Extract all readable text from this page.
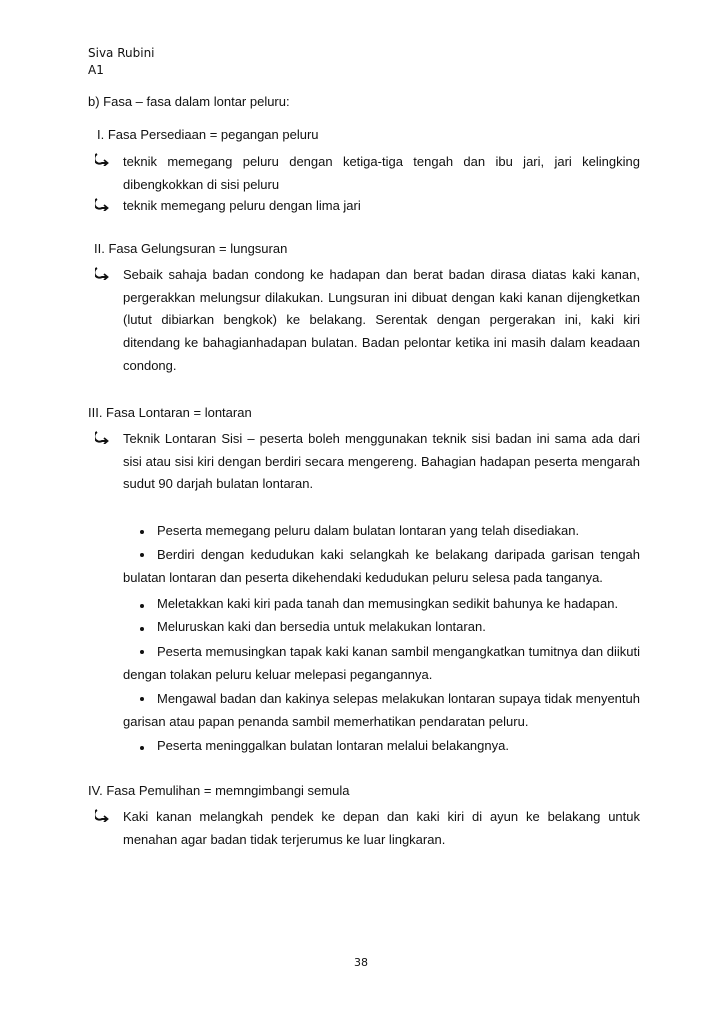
Siva Rubini
A1
b) Fasa – fasa dalam lontar peluru:
I. Fasa Persediaan = pegangan peluru
teknik memegang peluru dengan ketiga-tiga tengah dan ibu jari, jari kelingking dibengkokkan di sisi peluru
teknik memegang peluru dengan lima jari
II. Fasa Gelungsuran = lungsuran
Sebaik sahaja badan condong ke hadapan dan berat badan dirasa diatas kaki kanan, pergerakkan melungsur dilakukan. Lungsuran ini dibuat dengan kaki kanan dijengketkan (lutut dibiarkan bengkok) ke belakang. Serentak dengan pergerakan ini, kaki kiri ditendang ke bahagianhadapan bulatan. Badan pelontar ketika ini masih dalam keadaan condong.
III. Fasa Lontaran = lontaran
Teknik Lontaran Sisi – peserta boleh menggunakan teknik sisi badan ini sama ada dari sisi atau sisi kiri dengan berdiri secara mengereng. Bahagian hadapan peserta mengarah sudut 90 darjah bulatan lontaran.
Peserta memegang peluru dalam bulatan lontaran yang telah disediakan.
Berdiri dengan kedudukan kaki selangkah ke belakang daripada garisan tengah bulatan lontaran dan peserta dikehendaki kedudukan peluru selesa pada tanganya.
Meletakkan kaki kiri pada tanah dan memusingkan sedikit bahunya ke hadapan.
Meluruskan kaki dan bersedia untuk melakukan lontaran.
Peserta memusingkan tapak kaki kanan sambil mengangkatkan tumitnya dan diikuti dengan tolakan peluru keluar melepasi pegangannya.
Mengawal badan dan kakinya selepas melakukan lontaran supaya tidak menyentuh garisan atau papan penanda sambil memerhatikan pendaratan peluru.
Peserta meninggalkan bulatan lontaran melalui belakangnya.
IV. Fasa Pemulihan = memngimbangi semula
Kaki kanan melangkah pendek ke depan dan kaki kiri di ayun ke belakang untuk menahan agar badan tidak terjerumus ke luar lingkaran.
38
